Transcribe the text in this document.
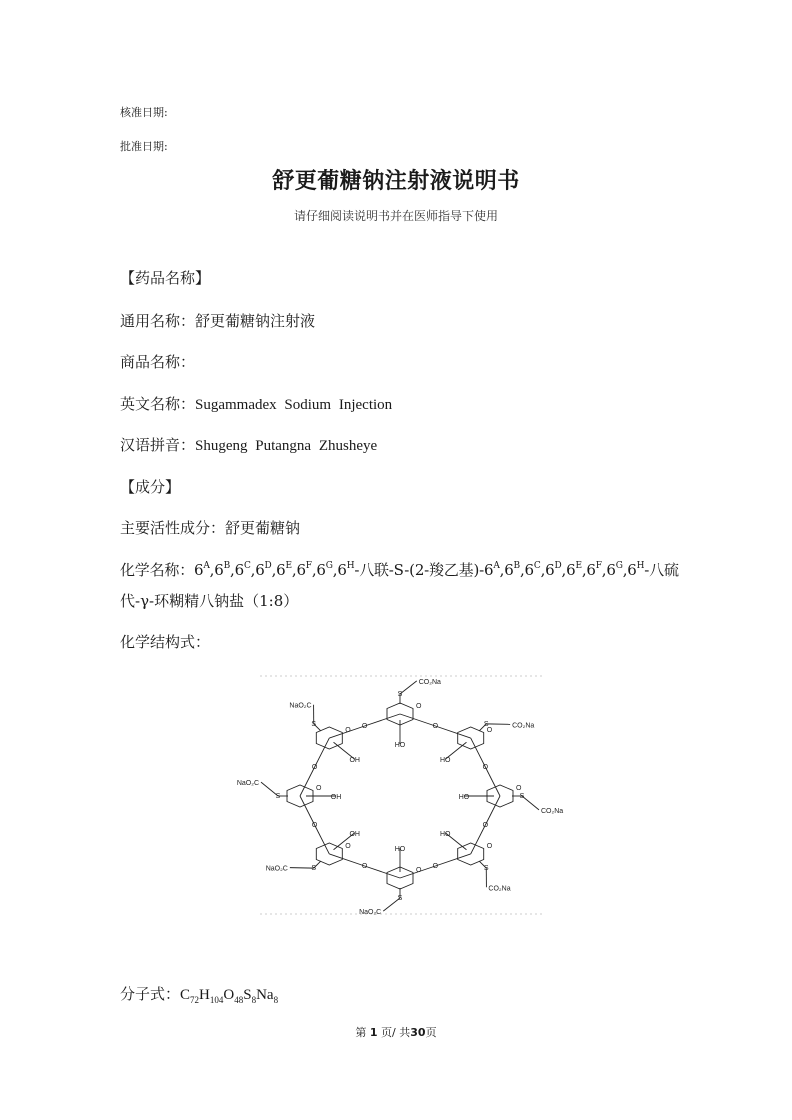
核准日期:
批准日期:
舒更葡糖钠注射液说明书
请仔细阅读说明书并在医师指导下使用
【药品名称】
通用名称：舒更葡糖钠注射液
商品名称：
英文名称：Sugammadex Sodium Injection
汉语拼音：Shugeng Putangna Zhusheye
【成分】
主要活性成分：舒更葡糖钠
化学名称：$6^A,6^B,6^C,6^D,6^E,6^F,6^G,6^H-$八联-S-(2-羧乙基)$-6^A,6^B,6^C,6^D,6^E,6^F,6^G,6^H-$八硫
代-γ-环糊精八钠盐（1:8）
化学结构式：
O
HO
O
S
CO₂Na
O
HO
O
S	CO₂Na
O
HO
O
S
CO₂Na
O
HO
O	S
CO₂Na
O
HO
O
S
NaO₂C
O
OH
O
S
NaO₂C
O
OH
O
S
NaO₂C
O
OH
O
S
NaO₂C
分子式：$C_{72}H_{104}O_{48}S_8Na_8$
第 1 页/ 共30页
